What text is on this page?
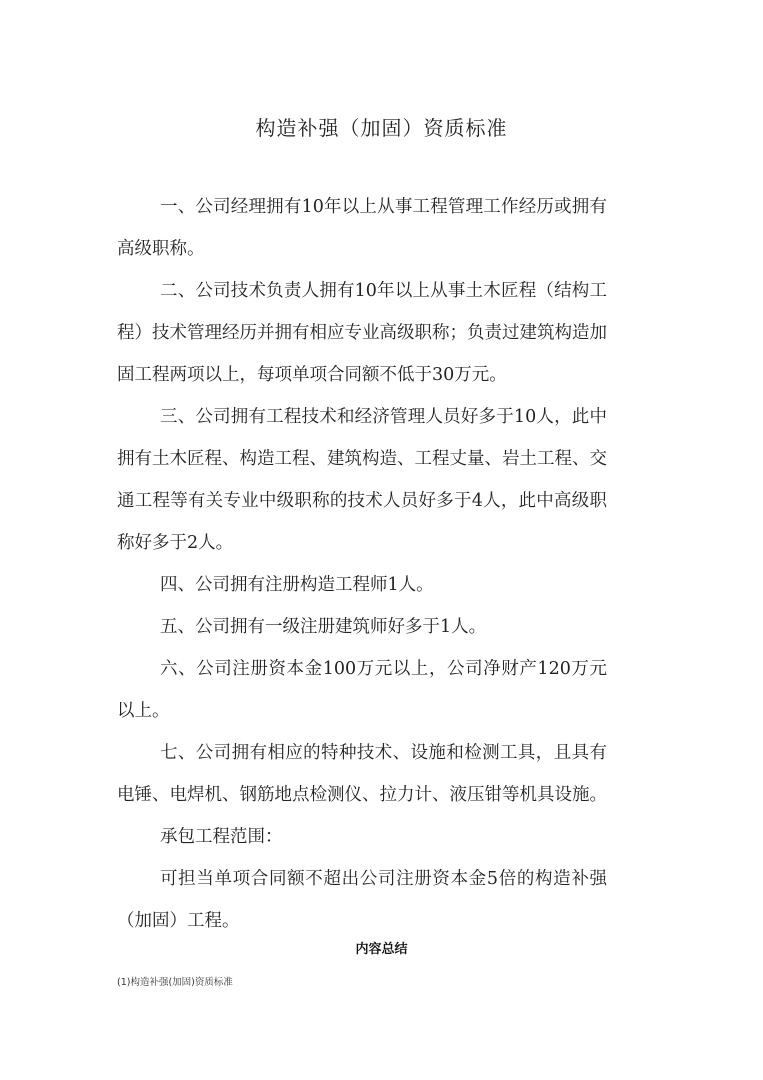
构造补强（加固）资质标准

一、公司经理拥有10年以上从事工程管理工作经历或拥有高级职称。

二、公司技术负责人拥有10年以上从事土木匠程（结构工程）技术管理经历并拥有相应专业高级职称；负责过建筑构造加固工程两项以上，每项单项合同额不低于30万元。

三、公司拥有工程技术和经济管理人员好多于10人，此中拥有土木匠程、构造工程、建筑构造、工程丈量、岩土工程、交通工程等有关专业中级职称的技术人员好多于4人，此中高级职称好多于2人。

四、公司拥有注册构造工程师1人。

五、公司拥有一级注册建筑师好多于1人。

六、公司注册资本金100万元以上，公司净财产120万元以上。

七、公司拥有相应的特种技术、设施和检测工具，且具有电锤、电焊机、钢筋地点检测仪、拉力计、液压钳等机具设施。

承包工程范围：

可担当单项合同额不超出公司注册资本金5倍的构造补强（加固）工程。

内容总结
(1)构造补强(加固)资质标准
